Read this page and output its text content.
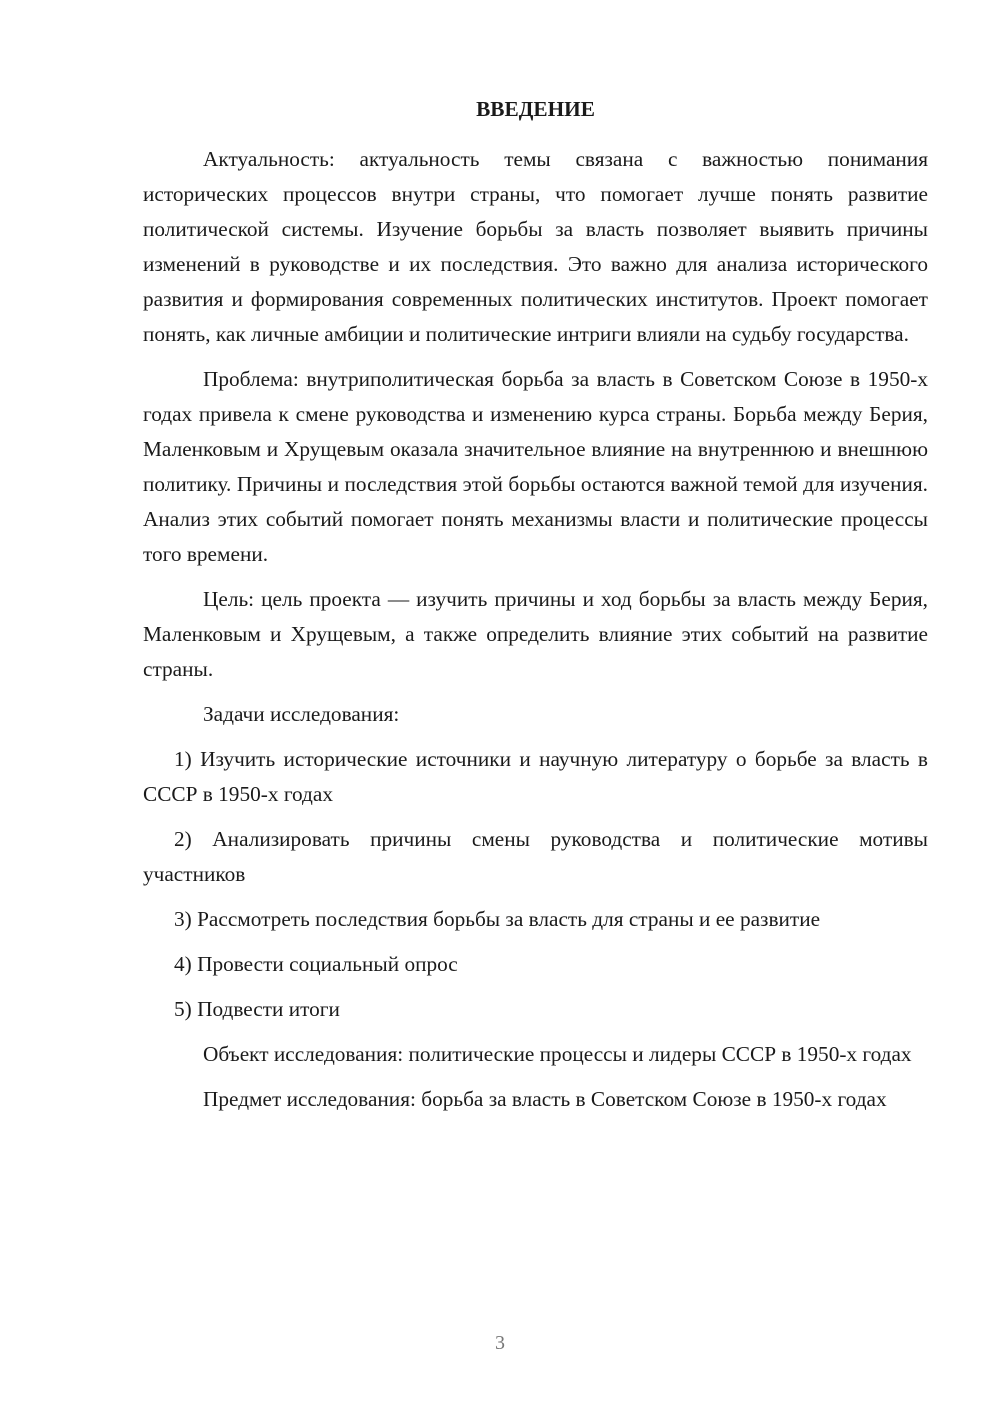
ВВЕДЕНИЕ

Актуальность: актуальность темы связана с важностью понимания исторических процессов внутри страны, что помогает лучше понять развитие политической системы. Изучение борьбы за власть позволяет выявить причины изменений в руководстве и их последствия. Это важно для анализа исторического развития и формирования современных политических институтов. Проект помогает понять, как личные амбиции и политические интриги влияли на судьбу государства.

Проблема: внутриполитическая борьба за власть в Советском Союзе в 1950-х годах привела к смене руководства и изменению курса страны. Борьба между Берия, Маленковым и Хрущевым оказала значительное влияние на внутреннюю и внешнюю политику. Причины и последствия этой борьбы остаются важной темой для изучения. Анализ этих событий помогает понять механизмы власти и политические процессы того времени.

Цель: цель проекта — изучить причины и ход борьбы за власть между Берия, Маленковым и Хрущевым, а также определить влияние этих событий на развитие страны.

Задачи исследования:

1) Изучить исторические источники и научную литературу о борьбе за власть в СССР в 1950-х годах

2) Анализировать причины смены руководства и политические мотивы участников

3) Рассмотреть последствия борьбы за власть для страны и ее развитие

4) Провести социальный опрос

5) Подвести итоги

Объект исследования: политические процессы и лидеры СССР в 1950-х годах

Предмет исследования: борьба за власть в Советском Союзе в 1950-х годах

3
